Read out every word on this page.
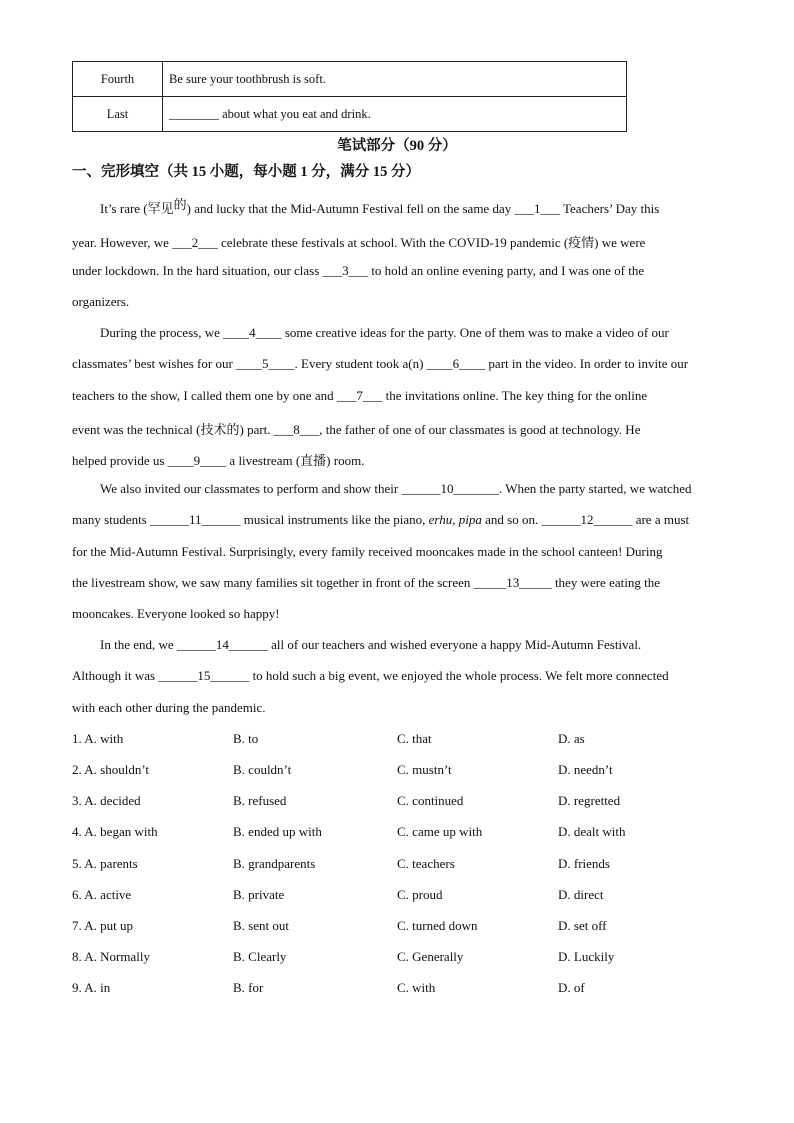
Fourth	Be sure your toothbrush is soft.
Last	________ about what you eat and drink.
笔试部分（90 分）
一、完形填空（共 15 小题，每小题 1 分，满分 15 分）
It’s rare (罕见的) and lucky that the Mid-Autumn Festival fell on the same day ___1___ Teachers’ Day this
year. However, we ___2___ celebrate these festivals at school. With the COVID-19 pandemic (疫情) we were
under lockdown. In the hard situation, our class ___3___ to hold an online evening party, and I was one of the
organizers.
During the process, we ____4____ some creative ideas for the party. One of them was to make a video of our
classmates’ best wishes for our ____5____. Every student took a(n) ____6____ part in the video. In order to invite our
teachers to the show, I called them one by one and ___7___ the invitations online. The key thing for the online
event was the technical (技术的) part. ___8___, the father of one of our classmates is good at technology. He
helped provide us ____9____ a livestream (直播) room.
We also invited our classmates to perform and show their ______10_______. When the party started, we watched
many students ______11______ musical instruments like the piano, erhu, pipa and so on. ______12______ are a must
for the Mid-Autumn Festival. Surprisingly, every family received mooncakes made in the school canteen! During
the livestream show, we saw many families sit together in front of the screen _____13_____ they were eating the
mooncakes. Everyone looked so happy!
In the end, we ______14______ all of our teachers and wished everyone a happy Mid-Autumn Festival.
Although it was ______15______ to hold such a big event, we enjoyed the whole process. We felt more connected
with each other during the pandemic.
1. A. with	B. to	C. that	D. as
2. A. shouldn’t	B. couldn’t	C. mustn’t	D. needn’t
3. A. decided	B. refused	C. continued	D. regretted
4. A. began with	B. ended up with	C. came up with	D. dealt with
5. A. parents	B. grandparents	C. teachers	D. friends
6. A. active	B. private	C. proud	D. direct
7. A. put up	B. sent out	C. turned down	D. set off
8. A. Normally	B. Clearly	C. Generally	D. Luckily
9. A. in	B. for	C. with	D. of
